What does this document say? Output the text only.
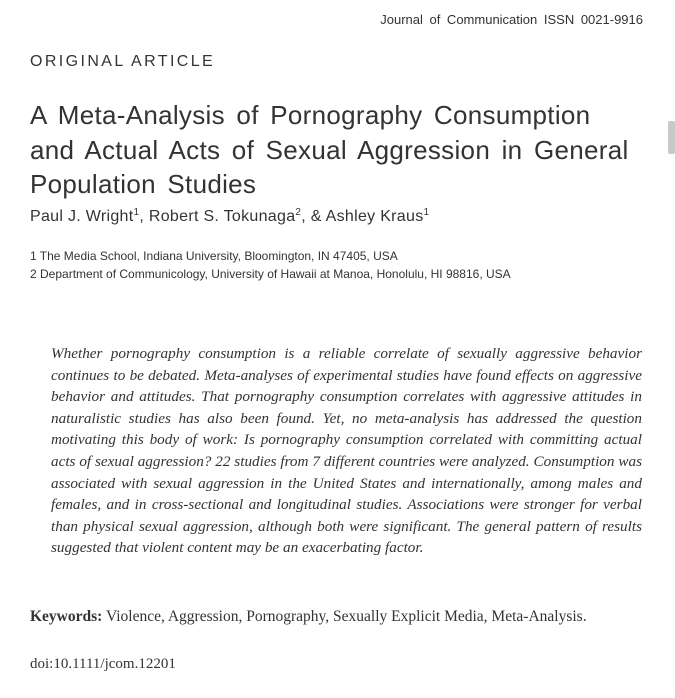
Journal of Communication ISSN 0021-9916
ORIGINAL ARTICLE
A Meta-Analysis of Pornography Consumption and Actual Acts of Sexual Aggression in General Population Studies
Paul J. Wright$^1$, Robert S. Tokunaga$^2$, & Ashley Kraus$^1$
1 The Media School, Indiana University, Bloomington, IN 47405, USA
2 Department of Communicology, University of Hawaii at Manoa, Honolulu, HI 98816, USA

Whether pornography consumption is a reliable correlate of sexually aggressive behavior continues to be debated. Meta-analyses of experimental studies have found effects on aggressive behavior and attitudes. That pornography consumption correlates with aggressive attitudes in naturalistic studies has also been found. Yet, no meta-analysis has addressed the question motivating this body of work: Is pornography consumption correlated with committing actual acts of sexual aggression? 22 studies from 7 different countries were analyzed. Consumption was associated with sexual aggression in the United States and internationally, among males and females, and in cross-sectional and longitudinal studies. Associations were stronger for verbal than physical sexual aggression, although both were significant. The general pattern of results suggested that violent content may be an exacerbating factor.

Keywords: Violence, Aggression, Pornography, Sexually Explicit Media, Meta-Analysis.
doi:10.1111/jcom.12201
